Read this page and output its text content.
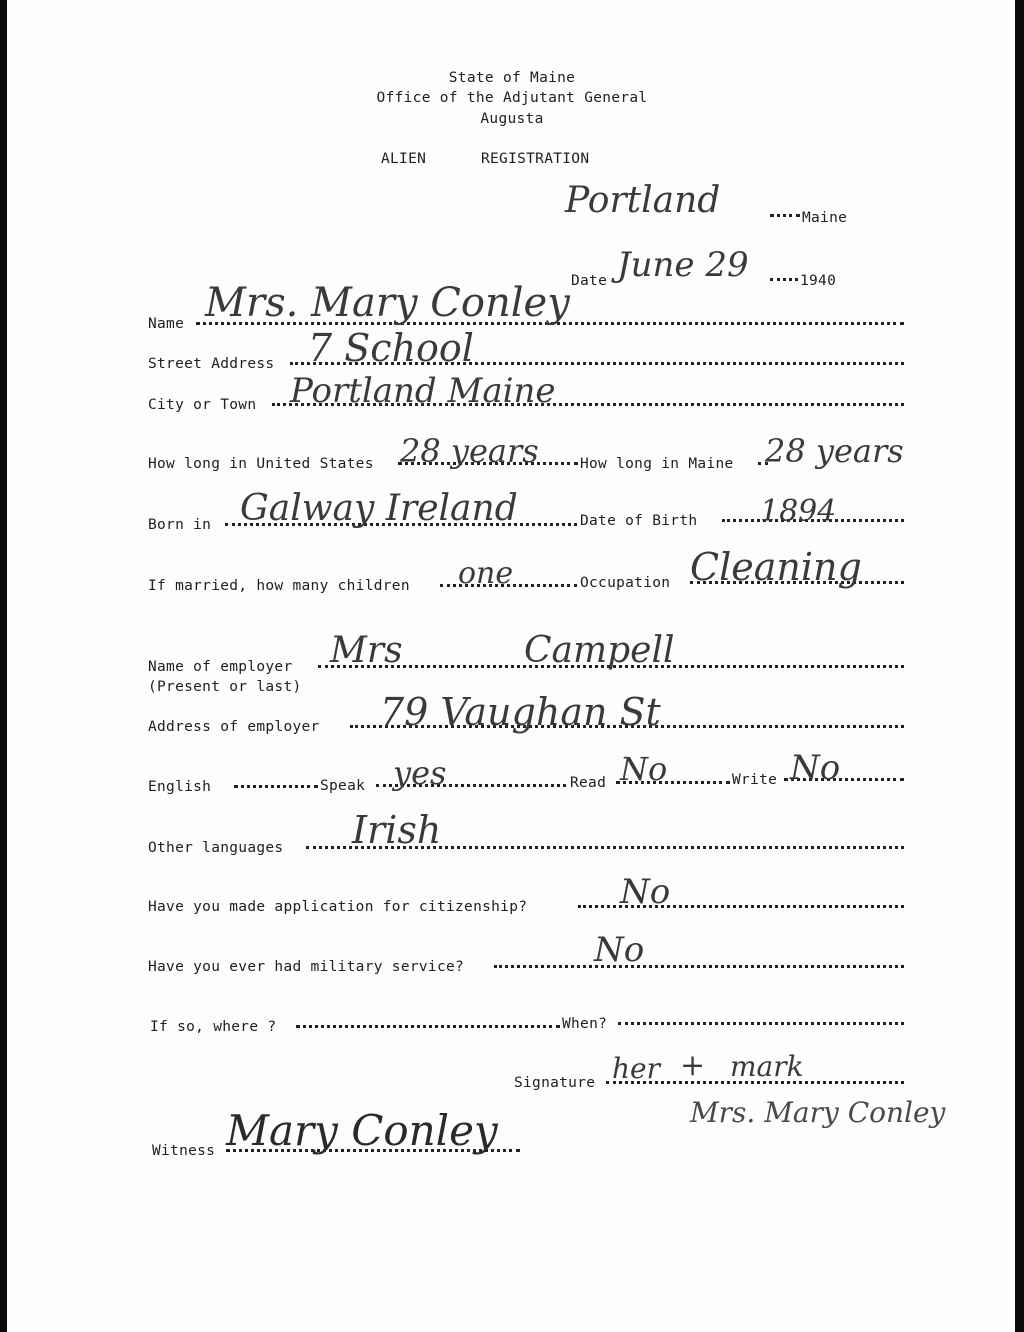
State of Maine
Office of the Adjutant General
Augusta
ALIEN	REGISTRATION
Portland	Maine
Date June 29	1940
Name Mrs. Mary Conley
Street Address 7 School
City or Town Portland Maine
How long in United States 28 years	How long in Maine 28 years
Born in Galway Ireland	Date of Birth 1894
If married, how many children one	Occupation Cleaning
Name of employer
(Present or last)
Mrs Campell
Address of employer 79 Vaughan St
English	Speak yes	Read No	Write No
Other languages Irish
Have you made application for citizenship?	No
Have you ever had military service?	No
If so, where ?	When?
Signature her + mark
Mrs. Mary Conley
Witness Mary Conley
